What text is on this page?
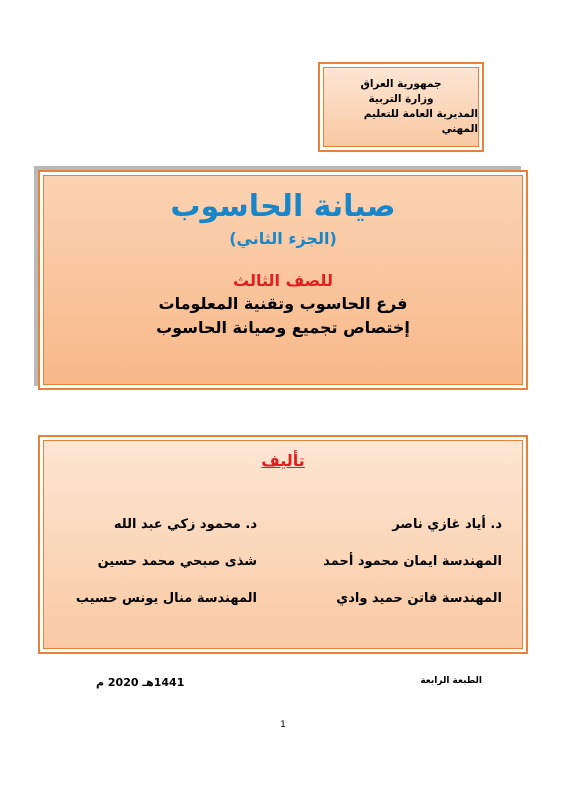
جمهورية العراق
وزارة التربية
المديرية العامة للتعليم المهني
صيانة الحاسوب
(الجزء الثاني)
للصف الثالث
فرع الحاسوب وتقنية المعلومات
إختصاص تجميع وصيانة الحاسوب
تأليف
د. أياد غازي ناصر
المهندسة ايمان محمود أحمد
المهندسة فاتن حميد وادي
د. محمود زكي عبد الله
شذى صبحي محمد حسين
المهندسة منال يونس حسيب
الطبعة الرابعة
1441هـ 2020 م
1
